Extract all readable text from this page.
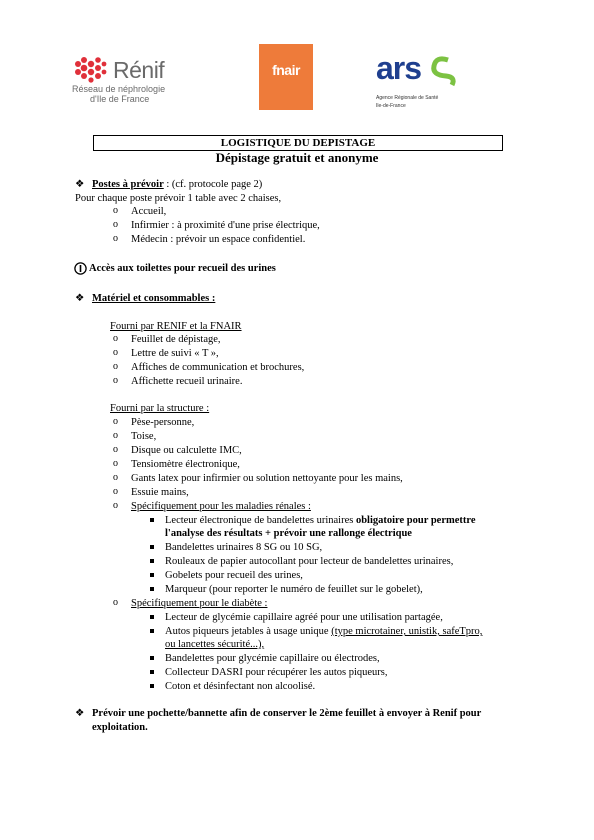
Rénif
Réseau de néphrologie
d'Ile de France
fnair	ars
Agence Régionale de Santé
Ile-de-France
LOGISTIQUE DU DEPISTAGE
Dépistage gratuit et anonyme
❖ Postes à prévoir : (cf. protocole page 2)
Pour chaque poste prévoir 1 table avec 2 chaises,
o Accueil,
o Infirmier : à proximité d'une prise électrique,
o Médecin : prévoir un espace confidentiel.
Accès aux toilettes pour recueil des urines
❖ Matériel et consommables :
Fourni par RENIF et la FNAIR
o Feuillet de dépistage,
o Lettre de suivi « T »,
o Affiches de communication et brochures,
o Affichette recueil urinaire.
Fourni par la structure :
o Pèse-personne,
o Toise,
o Disque ou calculette IMC,
o Tensiomètre électronique,
o Gants latex pour infirmier ou solution nettoyante pour les mains,
o Essuie mains,
o Spécifiquement pour les maladies rénales :
Lecteur électronique de bandelettes urinaires obligatoire pour permettre
l'analyse des résultats + prévoir une rallonge électrique
Bandelettes urinaires 8 SG ou 10 SG,
Rouleaux de papier autocollant pour lecteur de bandelettes urinaires,
Gobelets pour recueil des urines,
Marqueur (pour reporter le numéro de feuillet sur le gobelet),
o Spécifiquement pour le diabète :
Lecteur de glycémie capillaire agréé pour une utilisation partagée,
Autos piqueurs jetables à usage unique (type microtainer, unistik, safeTpro,
ou lancettes sécurité...),
Bandelettes pour glycémie capillaire ou électrodes,
Collecteur DASRI pour récupérer les autos piqueurs,
Coton et désinfectant non alcoolisé.
❖ Prévoir une pochette/bannette afin de conserver le 2ème feuillet à envoyer à Renif pour
exploitation.
